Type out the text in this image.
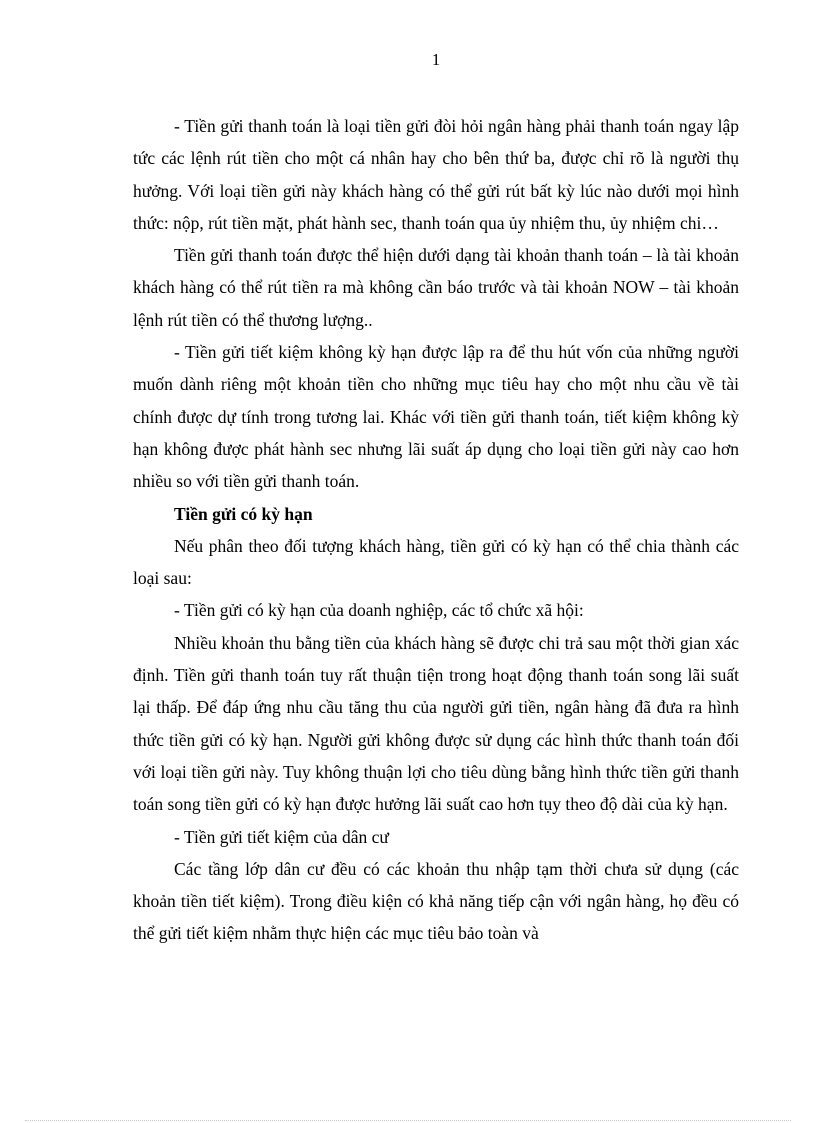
1

- Tiền gửi thanh toán là loại tiền gửi đòi hỏi ngân hàng phải thanh toán ngay lập tức các lệnh rút tiền cho một cá nhân hay cho bên thứ ba, được chỉ rõ là người thụ hưởng. Với loại tiền gửi này khách hàng có thể gửi rút bất kỳ lúc nào dưới mọi hình thức: nộp, rút tiền mặt, phát hành sec, thanh toán qua ủy nhiệm thu, ủy nhiệm chi…

Tiền gửi thanh toán được thể hiện dưới dạng tài khoản thanh toán – là tài khoản khách hàng có thể rút tiền ra mà không cần báo trước và tài khoản NOW – tài khoản lệnh rút tiền có thể thương lượng..

- Tiền gửi tiết kiệm không kỳ hạn được lập ra để thu hút vốn của những người muốn dành riêng một khoản tiền cho những mục tiêu hay cho một nhu cầu về tài chính được dự tính trong tương lai. Khác với tiền gửi thanh toán, tiết kiệm không kỳ hạn không được phát hành sec nhưng lãi suất áp dụng cho loại tiền gửi này cao hơn nhiều so với tiền gửi thanh toán.

Tiền gửi có kỳ hạn

Nếu phân theo đối tượng khách hàng, tiền gửi có kỳ hạn có thể chia thành các loại sau:

- Tiền gửi có kỳ hạn của doanh nghiệp, các tổ chức xã hội:

Nhiều khoản thu bằng tiền của khách hàng sẽ được chi trả sau một thời gian xác định. Tiền gửi thanh toán tuy rất thuận tiện trong hoạt động thanh toán song lãi suất lại thấp. Để đáp ứng nhu cầu tăng thu của người gửi tiền, ngân hàng đã đưa ra hình thức tiền gửi có kỳ hạn. Người gửi không được sử dụng các hình thức thanh toán đối với loại tiền gửi này. Tuy không thuận lợi cho tiêu dùng bằng hình thức tiền gửi thanh toán song tiền gửi có kỳ hạn được hưởng lãi suất cao hơn tụy theo độ dài của kỳ hạn.

- Tiền gửi tiết kiệm của dân cư

Các tầng lớp dân cư đều có các khoản thu nhập tạm thời chưa sử dụng (các khoản tiền tiết kiệm). Trong điều kiện có khả năng tiếp cận với ngân hàng, họ đều có thể gửi tiết kiệm nhằm thực hiện các mục tiêu bảo toàn và
